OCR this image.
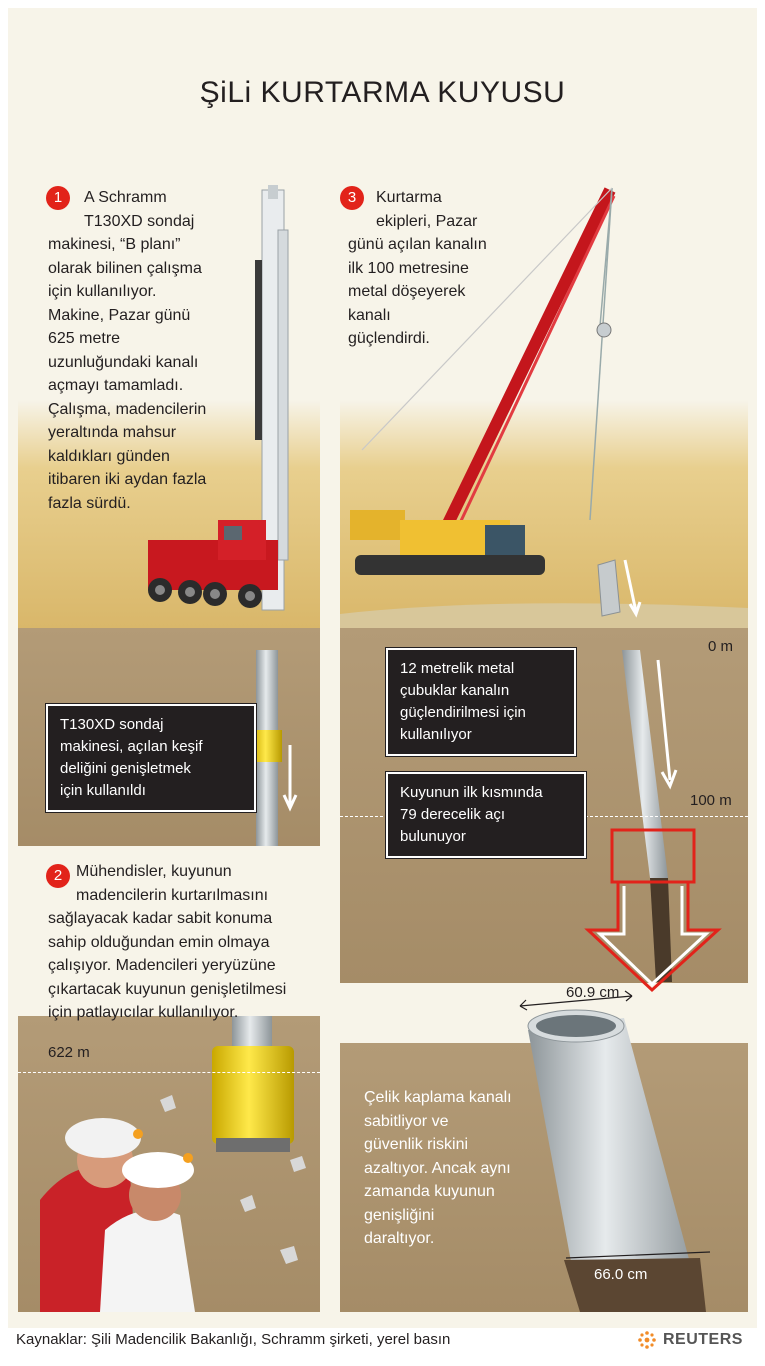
ŞiLi KURTARMA KUYUSU
1	A Schramm
T130XD sondaj
makinesi, “B planı”
olarak bilinen çalışma
için kullanılıyor.
Makine, Pazar günü
625 metre
uzunluğundaki kanalı
açmayı tamamladı.
Çalışma, madencilerin
yeraltında mahsur
kaldıkları günden
itibaren iki aydan fazla
fazla sürdü.
3	Kurtarma
ekipleri, Pazar
günü açılan kanalın
ilk 100 metresine
metal döşeyerek
kanalı
güçlendirdi.
T130XD sondaj
makinesi, açılan keşif
deliğini genişletmek
için kullanıldı
2 Mühendisler, kuyunun
madencilerin kurtarılmasını
sağlayacak kadar sabit konuma
sahip olduğundan emin olmaya
çalışıyor. Madencileri yeryüzüne
çıkartacak kuyunun genişletilmesi
için patlayıcılar kullanılıyor.
622 m
0 m
100 m
12 metrelik metal
çubuklar kanalın
güçlendirilmesi için
kullanılıyor
Kuyunun ilk kısmında
79 derecelik açı
bulunuyor
60.9 cm
66.0 cm
Çelik kaplama kanalı
sabitliyor ve
güvenlik riskini
azaltıyor. Ancak aynı
zamanda kuyunun
genişliğini
daraltıyor.
Kaynaklar: Şili Madencilik Bakanlığı, Schramm şirketi, yerel basın	REUTERS
